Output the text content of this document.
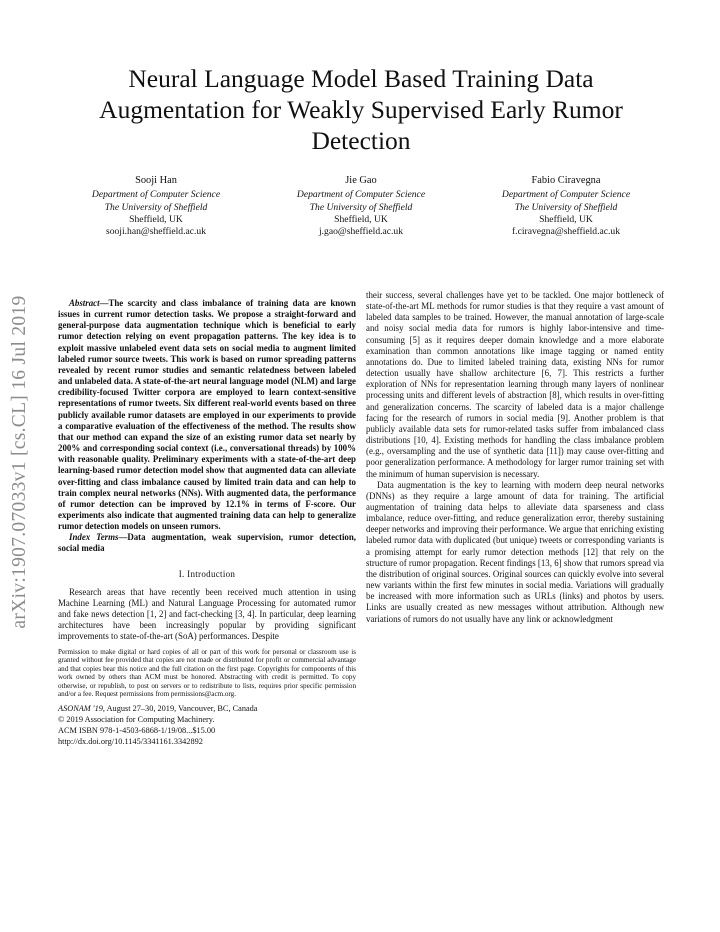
arXiv:1907.07033v1 [cs.CL] 16 Jul 2019
Neural Language Model Based Training Data Augmentation for Weakly Supervised Early Rumor Detection
Sooji Han
Department of Computer Science
The University of Sheffield
Sheffield, UK
sooji.han@sheffield.ac.uk
Jie Gao
Department of Computer Science
The University of Sheffield
Sheffield, UK
j.gao@sheffield.ac.uk
Fabio Ciravegna
Department of Computer Science
The University of Sheffield
Sheffield, UK
f.ciravegna@sheffield.ac.uk

Abstract—The scarcity and class imbalance of training data are known issues in current rumor detection tasks. We propose a straight-forward and general-purpose data augmentation technique which is beneficial to early rumor detection relying on event propagation patterns. The key idea is to exploit massive unlabeled event data sets on social media to augment limited labeled rumor source tweets. This work is based on rumor spreading patterns revealed by recent rumor studies and semantic relatedness between labeled and unlabeled data. A state-of-the-art neural language model (NLM) and large credibility-focused Twitter corpora are employed to learn context-sensitive representations of rumor tweets. Six different real-world events based on three publicly available rumor datasets are employed in our experiments to provide a comparative evaluation of the effectiveness of the method. The results show that our method can expand the size of an existing rumor data set nearly by 200% and corresponding social context (i.e., conversational threads) by 100% with reasonable quality. Preliminary experiments with a state-of-the-art deep learning-based rumor detection model show that augmented data can alleviate over-fitting and class imbalance caused by limited train data and can help to train complex neural networks (NNs). With augmented data, the performance of rumor detection can be improved by 12.1% in terms of F-score. Our experiments also indicate that augmented training data can help to generalize rumor detection models on unseen rumors.

Index Terms—Data augmentation, weak supervision, rumor detection, social media

I. Introduction

Research areas that have recently been received much attention in using Machine Learning (ML) and Natural Language Processing for automated rumor and fake news detection [1, 2] and fact-checking [3, 4]. In particular, deep learning architectures have been increasingly popular by providing significant improvements to state-of-the-art (SoA) performances. Despite

Permission to make digital or hard copies of all or part of this work for personal or classroom use is granted without fee provided that copies are not made or distributed for profit or commercial advantage and that copies bear this notice and the full citation on the first page. Copyrights for components of this work owned by others than ACM must be honored. Abstracting with credit is permitted. To copy otherwise, or republish, to post on servers or to redistribute to lists, requires prior specific permission and/or a fee. Request permissions from permissions@acm.org.

ASONAM '19, August 27–30, 2019, Vancouver, BC, Canada
© 2019 Association for Computing Machinery.
ACM ISBN 978-1-4503-6868-1/19/08...$15.00
http://dx.doi.org/10.1145/3341161.3342892

their success, several challenges have yet to be tackled. One major bottleneck of state-of-the-art ML methods for rumor studies is that they require a vast amount of labeled data samples to be trained. However, the manual annotation of large-scale and noisy social media data for rumors is highly labor-intensive and time-consuming [5] as it requires deeper domain knowledge and a more elaborate examination than common annotations like image tagging or named entity annotations do. Due to limited labeled training data, existing NNs for rumor detection usually have shallow architecture [6, 7]. This restricts a further exploration of NNs for representation learning through many layers of nonlinear processing units and different levels of abstraction [8], which results in over-fitting and generalization concerns. The scarcity of labeled data is a major challenge facing for the research of rumors in social media [9]. Another problem is that publicly available data sets for rumor-related tasks suffer from imbalanced class distributions [10, 4]. Existing methods for handling the class imbalance problem (e.g., oversampling and the use of synthetic data [11]) may cause over-fitting and poor generalization performance. A methodology for larger rumor training set with the minimum of human supervision is necessary.

Data augmentation is the key to learning with modern deep neural networks (DNNs) as they require a large amount of data for training. The artificial augmentation of training data helps to alleviate data sparseness and class imbalance, reduce over-fitting, and reduce generalization error, thereby sustaining deeper networks and improving their performance. We argue that enriching existing labeled rumor data with duplicated (but unique) tweets or corresponding variants is a promising attempt for early rumor detection methods [12] that rely on the structure of rumor propagation. Recent findings [13, 6] show that rumors spread via the distribution of original sources. Original sources can quickly evolve into several new variants within the first few minutes in social media. Variations will gradually be increased with more information such as URLs (links) and photos by users. Links are usually created as new messages without attribution. Although new variations of rumors do not usually have any link or acknowledgment
